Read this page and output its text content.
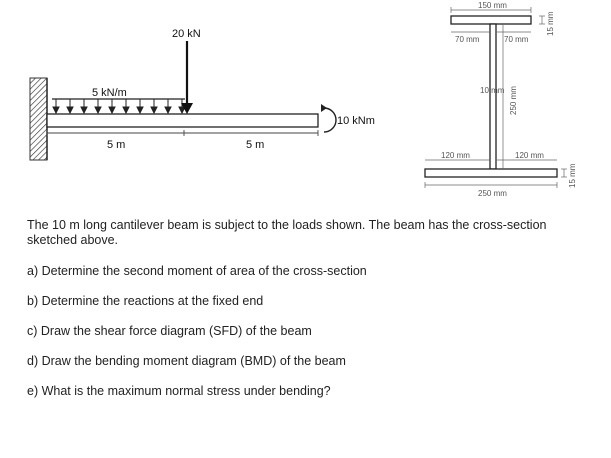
5 kN/m
20 kN
10 kNm
5 m	5 m
150 mm
70 mm	70 mm
10 mm 250 mm
15 mm
120 mm	120 mm
15 mm
250 mm

The 10 m long cantilever beam is subject to the loads shown. The beam has the cross-section sketched above.

a) Determine the second moment of area of the cross-section

b) Determine the reactions at the fixed end

c) Draw the shear force diagram (SFD) of the beam

d) Draw the bending moment diagram (BMD) of the beam

e) What is the maximum normal stress under bending?
